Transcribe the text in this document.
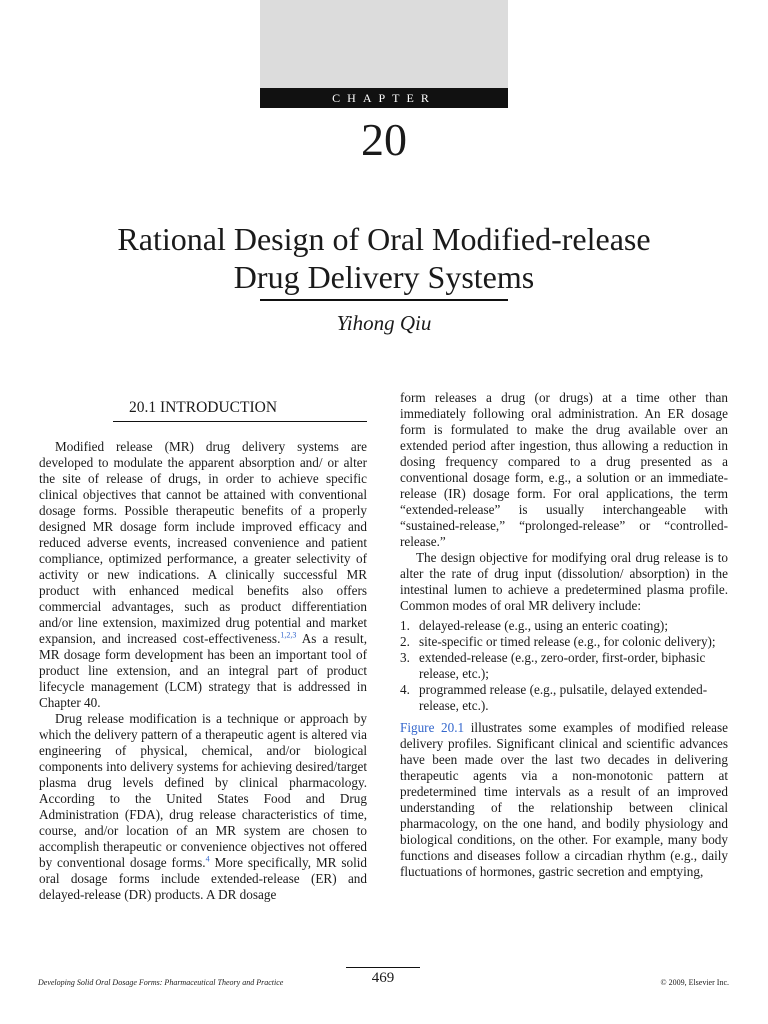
CHAPTER
20
Rational Design of Oral Modified-release
Drug Delivery Systems
Yihong Qiu
20.1 INTRODUCTION

Modified release (MR) drug delivery systems are developed to modulate the apparent absorption and/ or alter the site of release of drugs, in order to achieve specific clinical objectives that cannot be attained with conventional dosage forms. Possible therapeutic benefits of a properly designed MR dosage form include improved efficacy and reduced adverse events, increased convenience and patient compliance, optimized performance, a greater selectivity of activity or new indications. A clinically successful MR product with enhanced medical benefits also offers commercial advantages, such as product differentiation and/or line extension, maximized drug potential and market expansion, and increased cost-effectiveness.$^{1,2,3}$ As a result, MR dosage form development has been an important tool of product line extension, and an integral part of product lifecycle management (LCM) strategy that is addressed in Chapter 40.

Drug release modification is a technique or approach by which the delivery pattern of a therapeutic agent is altered via engineering of physical, chemical, and/or biological components into delivery systems for achieving desired/target plasma drug levels defined by clinical pharmacology. According to the United States Food and Drug Administration (FDA), drug release characteristics of time, course, and/or location of an MR system are chosen to accomplish therapeutic or convenience objectives not offered by conventional dosage forms.$^4$ More specifically, MR solid oral dosage forms include extended-release (ER) and delayed-release (DR) products. A DR dosage

form releases a drug (or drugs) at a time other than immediately following oral administration. An ER dosage form is formulated to make the drug available over an extended period after ingestion, thus allowing a reduction in dosing frequency compared to a drug presented as a conventional dosage form, e.g., a solution or an immediate-release (IR) dosage form. For oral applications, the term “extended-release” is usually interchangeable with “sustained-release,” “prolonged-release” or “controlled-release.”

The design objective for modifying oral drug release is to alter the rate of drug input (dissolution/ absorption) in the intestinal lumen to achieve a predetermined plasma profile. Common modes of oral MR delivery include:

1. delayed-release (e.g., using an enteric coating);
2. site-specific or timed release (e.g., for colonic delivery);
3. extended-release (e.g., zero-order, first-order, biphasic release, etc.);
4. programmed release (e.g., pulsatile, delayed extended-release, etc.).

Figure 20.1 illustrates some examples of modified release delivery profiles. Significant clinical and scientific advances have been made over the last two decades in delivering therapeutic agents via a non-monotonic pattern at predetermined time intervals as a result of an improved understanding of the relationship between clinical pharmacology, on the one hand, and bodily physiology and biological conditions, on the other. For example, many body functions and diseases follow a circadian rhythm (e.g., daily fluctuations of hormones, gastric secretion and emptying,

Developing Solid Oral Dosage Forms: Pharmaceutical Theory and Practice	469	© 2009, Elsevier Inc.
